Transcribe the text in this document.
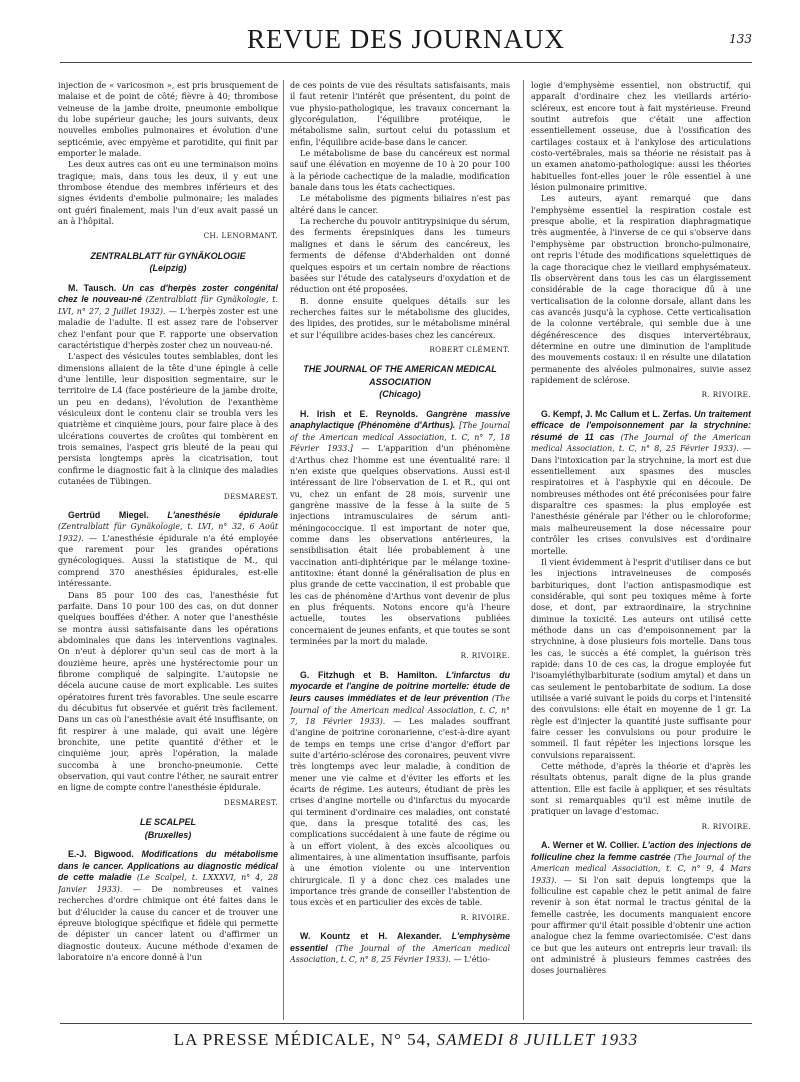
REVUE DES JOURNAUX	133

injection de « varicosmon », est pris brusquement de malaise et de point de côté; fièvre à 40; thrombose veineuse de la jambe droite, pneumonie embolique du lobe supérieur gauche; les jours suivants, deux nouvelles embolies pulmonaires et évolution d'une septicémie, avec empyème et parotidite, qui finit par emporter le malade.

Les deux autres cas ont eu une terminaison moins tragique; mais, dans tous les deux, il y eut une thrombose étendue des membres inférieurs et des signes évidents d'embolie pulmonaire; les malades ont guéri finalement, mais l'un d'eux avait passé un an à l'hôpital.

CH. LENORMANT.
ZENTRALBLATT für GYNÄKOLOGIE
(Leipzig)

M. Tausch. Un cas d'herpès zoster congénital chez le nouveau-né (Zentralblatt für Gynäkologie, t. LVI, n° 27, 2 Juillet 1932). — L'herpès zoster est une maladie de l'adulte. Il est assez rare de l'observer chez l'enfant pour que F. rapporte une observation caractéristique d'herpès zoster chez un nouveau-né.

L'aspect des vésicules toutes semblables, dont les dimensions allaient de la tête d'une épingle à celle d'une lentille, leur disposition segmentaire, sur le territoire de L4 (face postérieure de la jambe droite, un peu en dedans), l'évolution de l'exanthème vésiculeux dont le contenu clair se troubla vers les quatrième et cinquième jours, pour faire place à des ulcérations couvertes de croûtes qui tombèrent en trois semaines, l'aspect gris bleuté de la peau qui persista longtemps après la cicatrisation, tout confirme le diagnostic fait à la clinique des maladies cutanées de Tübingen.

DESMAREST.

Gertrüd Miegel. L'anesthésie épidurale (Zentralblatt für Gynäkologie, t. LVI, n° 32, 6 Août 1932). — L'anesthésie épidurale n'a été employée que rarement pour les grandes opérations gynécologiques. Aussi la statistique de M., qui comprend 370 anesthésies épidurales, est-elle intéressante.

Dans 85 pour 100 des cas, l'anesthésie fut parfaite. Dans 10 pour 100 des cas, on dut donner quelques bouffées d'éther. A noter que l'anesthésie se montra aussi satisfaisante dans les opérations abdominales que dans les interventions vaginales. On n'eut à déplorer qu'un seul cas de mort à la douzième heure, après une hystérectomie pour un fibrome compliqué de salpingite. L'autopsie ne décela aucune cause de mort explicable. Les suites opératoires furent très favorables. Une seule escarre du décubitus fut observée et guérit très facilement. Dans un cas où l'anesthésie avait été insuffisante, on fit respirer à une malade, qui avait une légère bronchite, une petite quantité d'éther et le cinquième jour, après l'opération, la malade succomba à une broncho-pneumonie. Cette observation, qui vaut contre l'éther, ne saurait entrer en ligne de compte contre l'anesthésie épidurale.

DESMAREST.
LE SCALPEL
(Bruxelles)

E.-J. Bigwood. Modifications du métabolisme dans le cancer. Applications au diagnostic médical de cette maladie (Le Scalpel, t. LXXXVI, n° 4, 28 Janvier 1933). — De nombreuses et vaines recherches d'ordre chimique ont été faites dans le but d'élucider la cause du cancer et de trouver une épreuve biologique spécifique et fidèle qui permette de dépister un cancer latent ou d'affirmer un diagnostic douteux. Aucune méthode d'examen de laboratoire n'a encore donné à l'un

de ces points de vue des résultats satisfaisants, mais il faut retenir l'intérêt que présentent, du point de vue physio-pathologique, les travaux concernant la glycorégulation, l'équilibre protéique, le métabolisme salin, surtout celui du potassium et enfin, l'équilibre acide-base dans le cancer.

Le métabolisme de base du cancéreux est normal sauf une élévation en moyenne de 10 à 20 pour 100 à la période cachectique de la maladie, modification banale dans tous les états cachectiques.

Le métabolisme des pigments biliaires n'est pas altéré dans le cancer.

La recherche du pouvoir antitrypsinique du sérum, des ferments érepsiniques dans les tumeurs malignes et dans le sérum des cancéreux, les ferments de défense d'Abderhalden ont donné quelques espoirs et un certain nombre de réactions basées sur l'étude des catalyseurs d'oxydation et de réduction ont été proposées.

B. donne ensuite quelques détails sur les recherches faites sur le métabolisme des glucides, des lipides, des protides, sur le métabolisme minéral et sur l'équilibre acides-bases chez les cancéreux.

ROBERT CLÉMENT.
THE JOURNAL OF THE AMERICAN MEDICAL ASSOCIATION
(Chicago)

H. Irish et E. Reynolds. Gangrène massive anaphylactique (Phénomène d'Arthus). [The Journal of the American medical Association, t. C, n° 7, 18 Février 1933.] — L'apparition d'un phénomène d'Arthus chez l'homme est une éventualité rare: il n'en existe que quelques observations. Aussi est-il intéressant de lire l'observation de I. et R., qui ont vu, chez un enfant de 28 mois, survenir une gangrène massive de la fesse à la suite de 5 injections intramusculaires de sérum anti-méningococcique. Il est important de noter que, comme dans les observations antérieures, la sensibilisation était liée probablement à une vaccination anti-diphtérique par le mélange toxine-antitoxine: étant donné la généralisation de plus en plus grande de cette vaccination, il est probable que les cas de phénomène d'Arthus vont devenir de plus en plus fréquents. Notons encore qu'à l'heure actuelle, toutes les observations publiées concernaient de jeunes enfants, et que toutes se sont terminées par la mort du malade.

R. RIVOIRE.

G. Fitzhugh et B. Hamilton. L'infarctus du myocarde et l'angine de poitrine mortelle: étude de leurs causes immédiates et de leur prévention (The Journal of the American medical Association, t. C, n° 7, 18 Février 1933). — Les malades souffrant d'angine de poitrine coronarienne, c'est-à-dire ayant de temps en temps une crise d'angor d'effort par suite d'artério-sclérose des coronaires, peuvent vivre très longtemps avec leur maladie, à condition de mener une vie calme et d'éviter les efforts et les écarts de régime. Les auteurs, étudiant de près les crises d'angine mortelle ou d'infarctus du myocarde qui terminent d'ordinaire ces maladies, ont constaté que, dans la presque totalité des cas, les complications succédaient à une faute de régime ou à un effort violent, à des excès alcooliques ou alimentaires, à une alimentation insuffisante, parfois à une émotion violente ou une intervention chirurgicale. Il y a donc chez ces malades une importance très grande de conseiller l'abstention de tous excès et en particulier des excès de table.

R. RIVOIRE.

W. Kountz et H. Alexander. L'emphysème essentiel (The Journal of the American medical Association, t. C, n° 8, 25 Février 1933). — L'étio-

logie d'emphysème essentiel, non obstructif, qui apparaît d'ordinaire chez les vieillards artério-scléreux, est encore tout à fait mystérieuse. Freund soutint autrefois que c'était une affection essentiellement osseuse, due à l'ossification des cartilages costaux et à l'ankylose des articulations costo-vertébrales, mais sa théorie ne résistait pas à un examen anatomo-pathologique: aussi les théories habituelles font-elles jouer le rôle essentiel à une lésion pulmonaire primitive.

Les auteurs, ayant remarqué que dans l'emphysème essentiel la respiration costale est presque abolie, et la respiration diaphragmatique très augmentée, à l'inverse de ce qui s'observe dans l'emphysème par obstruction broncho-pulmonaire, ont repris l'étude des modifications squelettiques de la cage thoracique chez le vieillard emphysémateux. Ils observèrent dans tous les cas un élargissement considérable de la cage thoracique dû à une verticalisation de la colonne dorsale, allant dans les cas avancés jusqu'à la cyphose. Cette verticalisation de la colonne vertébrale, qui semble due à une dégénérescence des disques intervertébraux, détermine en outre une diminution de l'amplitude des mouvements costaux: il en résulte une dilatation permanente des alvéoles pulmonaires, suivie assez rapidement de sclérose.

R. RIVOIRE.

G. Kempf, J. Mc Callum et L. Zerfas. Un traitement efficace de l'empoisonnement par la strychnine: résumé de 11 cas (The Journal of the American medical Association, t. C, n° 8, 25 Février 1933). — Dans l'intoxication par la strychnine, la mort est due essentiellement aux spasmes des muscles respiratoires et à l'asphyxie qui en découle. De nombreuses méthodes ont été préconisées pour faire disparaître ces spasmes: la plus employée est l'anesthésie générale par l'éther ou le chloroforme; mais malheureusement la dose nécessaire pour contrôler les crises convulsives est d'ordinaire mortelle.

Il vient évidemment à l'esprit d'utiliser dans ce but les injections intraveineuses de composés barbituriques, dont l'action antispasmodique est considérable, qui sont peu toxiques même à forte dose, et dont, par extraordinaire, la strychnine diminue la toxicité. Les auteurs ont utilisé cette méthode dans un cas d'empoisonnement par la strychnine, à dose plusieurs fois mortelle. Dans tous les cas, le succès a été complet, la guérison très rapide: dans 10 de ces cas, la drogue employée fut l'isoamyléthylbarbiturate (sodium amytal) et dans un cas seulement le pentobarbitate de sodium. La dose utilisée a varié suivant le poids du corps et l'intensité des convulsions: elle était en moyenne de 1 gr. La règle est d'injecter la quantité juste suffisante pour faire cesser les convulsions ou pour produire le sommeil. Il faut répéter les injections lorsque les convulsions reparaissent.

Cette méthode, d'après la théorie et d'après les résultats obtenus, paraît digne de la plus grande attention. Elle est facile à appliquer, et ses résultats sont si remarquables qu'il est même inutile de pratiquer un lavage d'estomac.

R. RIVOIRE.

A. Werner et W. Collier. L'action des injections de folliculine chez la femme castrée (The Journal of the American medical Association, t. C, n° 9, 4 Mars 1933). — Si l'on sait depuis longtemps que la folliculine est capable chez le petit animal de faire revenir à son état normal le tractus génital de la femelle castrée, les documents manquaient encore pour affirmer qu'il était possible d'obtenir une action analogue chez la femme ovariectomisée. C'est dans ce but que les auteurs ont entrepris leur travail: ils ont administré à plusieurs femmes castrées des doses journalières

LA PRESSE MÉDICALE, N° 54, SAMEDI 8 JUILLET 1933
